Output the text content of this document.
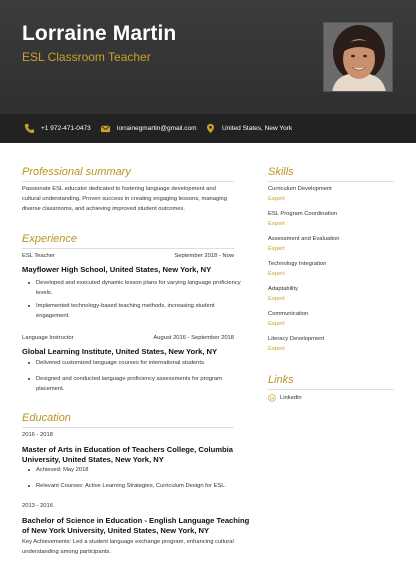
Lorraine Martin
ESL Classroom Teacher
+1 972-471-0473	lorrainegmartin@gmail.com	United States, New York
Professional summary
Passionate ESL educator dedicated to fostering language development and
cultural understanding. Proven success in creating engaging lessons, managing
diverse classrooms, and achieving improved student outcomes.
Experience
ESL Teacher	September 2018 - Now
Mayflower High School, United States, New York, NY
Developed and executed dynamic lesson plans for varying language proficiency
levels.
Implemented technology-based teaching methods, increasing student
engagement.
Language Instructor	August 2016 - September 2018
Global Learning Institute, United States, New York, NY
Delivered customized language courses for international students.
Designed and conducted language proficiency assessments for program
placement.
Education
2016 - 2018
Master of Arts in Education of Teachers College, Columbia
University, United States, New York, NY
Achieved: May 2018
Relevant Courses: Active Learning Strategies, Curriculum Design for ESL.
2013 - 2016
Bachelor of Science in Education - English Language Teaching
of New York University, United States, New York, NY
Key Achievements: Led a student language exchange program, enhancing cultural
understanding among participants.
Skills
Curriculum Development
Expert
ESL Program Coordination
Expert
Assessment and Evaluation
Expert
Technology Integration
Expert
Adaptability
Expert
Communication
Expert
Literacy Development
Expert
Links
Linkedin
